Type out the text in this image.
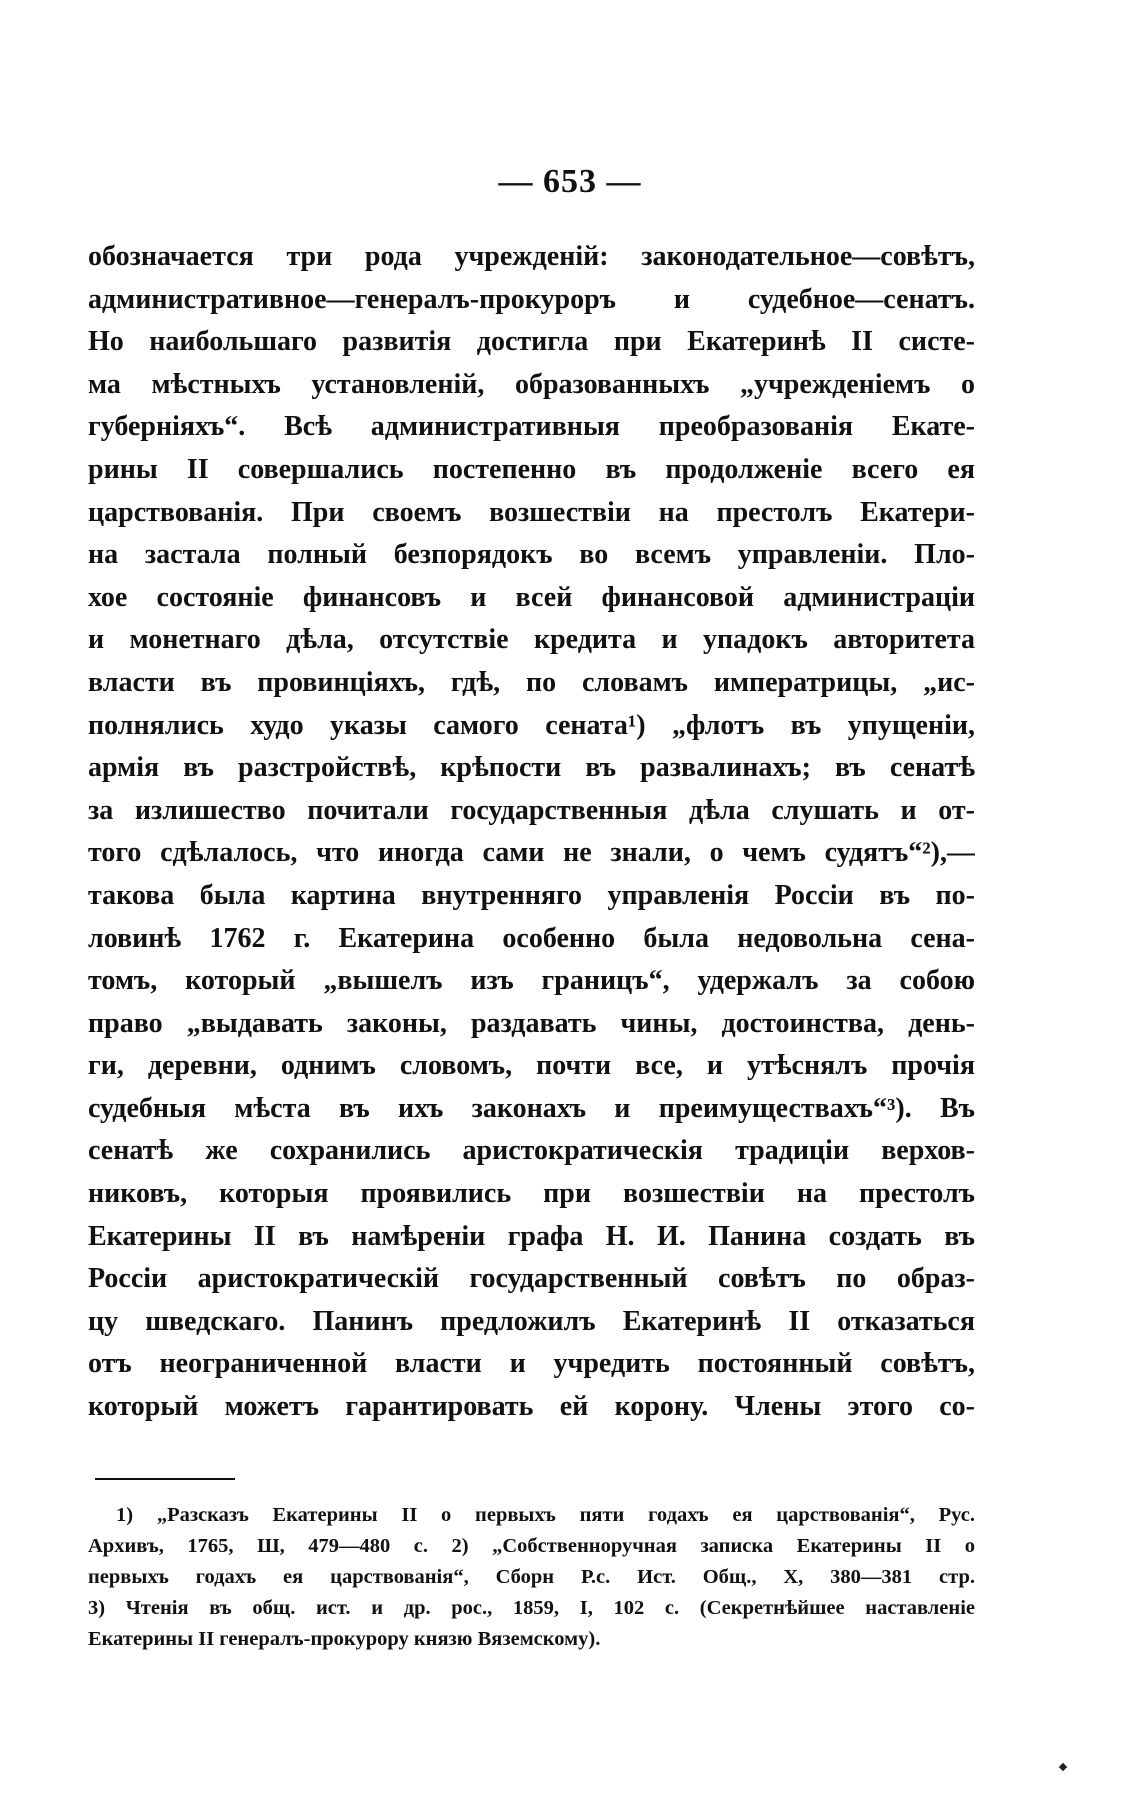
— 653 —
обозначается три рода учрежденій: законодательное—совѣтъ,
административное—генералъ-прокуроръ и судебное—сенатъ.
Но наибольшаго развитія достигла при Екатеринѣ II систе-
ма мѣстныхъ установленій, образованныхъ „учрежденіемъ о
губерніяхъ“. Всѣ административныя преобразованія Екате-
рины II совершались постепенно въ продолженіе всего ея
царствованія. При своемъ возшествіи на престолъ Екатери-
на застала полный безпорядокъ во всемъ управленіи. Пло-
хое состояніе финансовъ и всей финансовой администраціи
и монетнаго дѣла, отсутствіе кредита и упадокъ авторитета
власти въ провинціяхъ, гдѣ, по словамъ императрицы, „ис-
полнялись худо указы самого сената¹) „флотъ въ упущеніи,
армія въ разстройствѣ, крѣпости въ развалинахъ; въ сенатѣ
за излишество почитали государственныя дѣла слушать и от-
того сдѣлалось, что иногда сами не знали, о чемъ судятъ“²),—
такова была картина внутренняго управленія Россіи въ по-
ловинѣ 1762 г. Екатерина особенно была недовольна сена-
томъ, который „вышелъ изъ границъ“, удержалъ за собою
право „выдавать законы, раздавать чины, достоинства, день-
ги, деревни, однимъ словомъ, почти все, и утѣснялъ прочія
судебныя мѣста въ ихъ законахъ и преимуществахъ“³). Въ
сенатѣ же сохранились аристократическія традиціи верхов-
никовъ, которыя проявились при возшествіи на престолъ
Екатерины II въ намѣреніи графа Н. И. Панина создать въ
Россіи аристократическій государственный совѣтъ по образ-
цу шведскаго. Панинъ предложилъ Екатеринѣ II отказаться
отъ неограниченной власти и учредить постоянный совѣтъ,
который можетъ гарантировать ей корону. Члены этого со-
1) „Разсказъ Екатерины II о первыхъ пяти годахъ ея царствованія“, Рус.
Архивъ, 1765, Ш, 479—480 с. 2) „Собственноручная записка Екатерины II о
первыхъ годахъ ея царствованія“, Сборн Р.с. Ист. Общ., X, 380—381 стр.
3) Чтенія въ общ. ист. и др. рос., 1859, I, 102 с. (Секретнѣйшее наставленіе
Екатерины II генералъ-прокурору князю Вяземскому).
